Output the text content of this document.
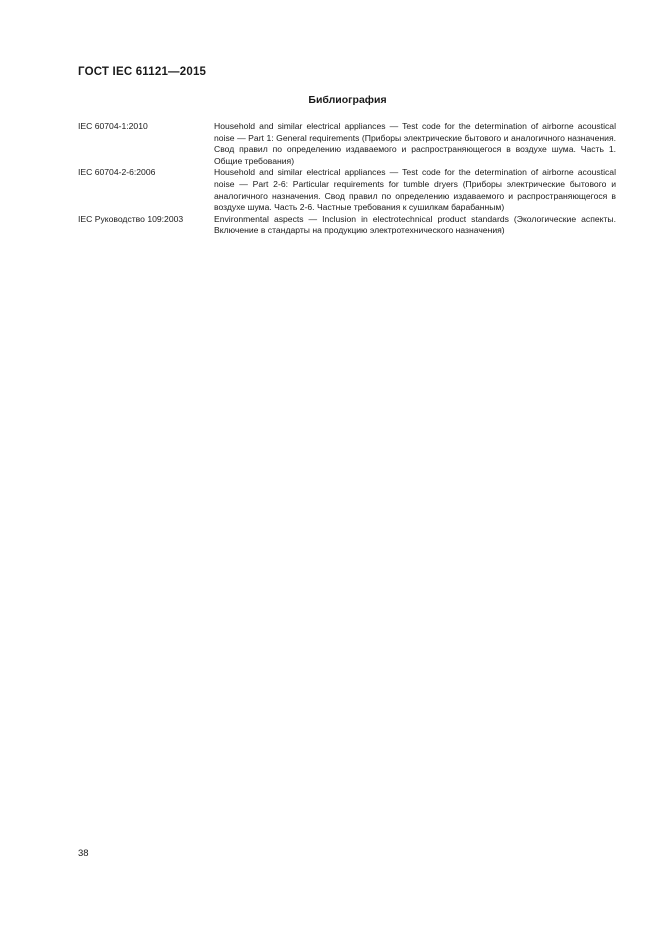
ГОСТ IEC 61121—2015
Библиография
IEC 60704-1:2010	Household and similar electrical appliances — Test code for the determination of airborne acoustical noise — Part 1: General requirements (Приборы электрические бытового и аналогичного назначения. Свод правил по определению издаваемого и распространяющегося в воздухе шума. Часть 1. Общие требования)
IEC 60704-2-6:2006	Household and similar electrical appliances — Test code for the determination of airborne acoustical noise — Part 2-6: Particular requirements for tumble dryers (Приборы электрические бытового и аналогичного назначения. Свод правил по определению издаваемого и распространяющегося в воздухе шума. Часть 2-6. Частные требования к сушилкам барабанным)
IEC Руководство 109:2003	Environmental aspects — Inclusion in electrotechnical product standards (Экологические аспекты. Включение в стандарты на продукцию электротехнического назначения)
38
